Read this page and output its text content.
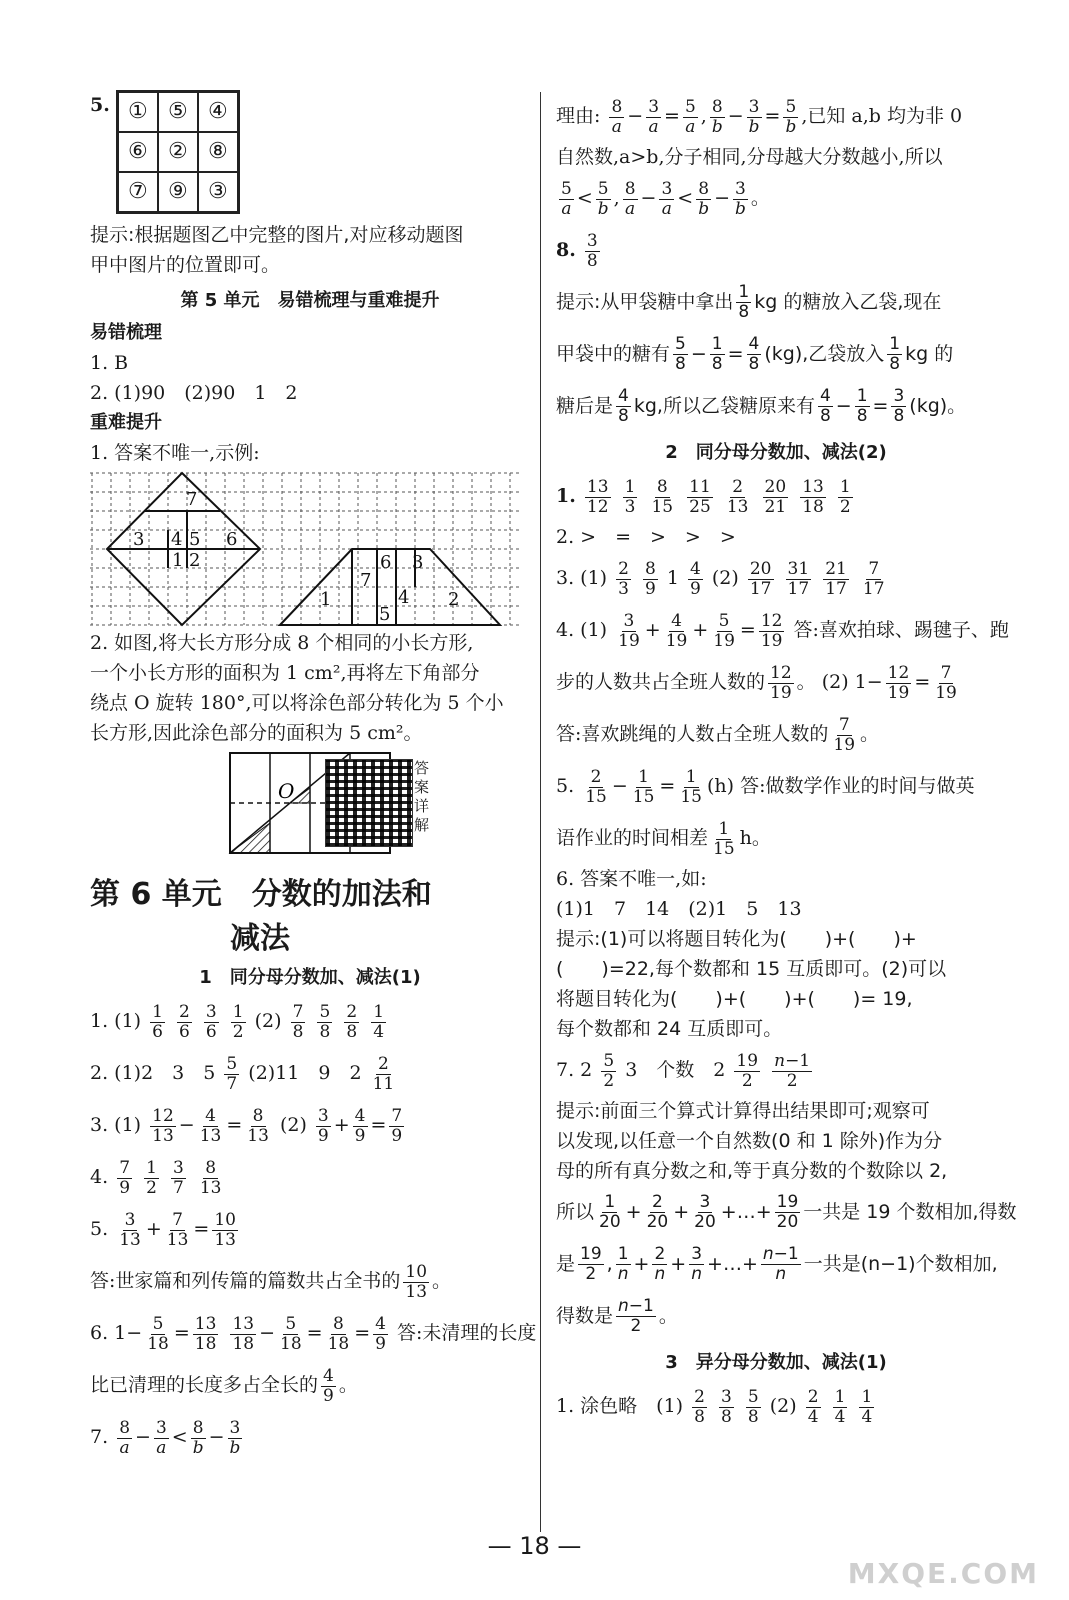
5. ① ⑤ ④
⑥ ② ⑧
⑦ ⑨ ③
提示:根据题图乙中完整的图片,对应移动题图
甲中图片的位置即可。
第 5 单元　易错梳理与重难提升
易错梳理
1. B
2. (1)90　(2)90　1　2
重难提升
1. 答案不唯一,示例:
7
3 4 5 6
1 2	6 3
7
4
1	2
5
2. 如图,将大长方形分成 8 个相同的小长方形,
一个小长方形的面积为 1 cm²,再将左下角部分
绕点 O 旋转 180°,可以将涂色部分转化为 5 个小
长方形,因此涂色部分的面积为 5 cm²。
O
第 6 单元　分数的加法和
减法
1　同分母分数加、减法(1)
1. $(1) \frac{1}{6}$
$\frac{2}{6}$
$\frac{3}{6}$
$\frac{1}{2} (2) \frac{7}{8}$
$\frac{5}{8}$
$\frac{2}{8}$
$\frac{1}{4}$
2. (1)2　3　$5 \frac{5}{7} (2)11$　9　$2 \frac{2}{11}$
3. $(1) \frac{12}{13} - \frac{4}{13} = \frac{8}{13} (2) \frac{3}{9} + \frac{4}{9} = \frac{7}{9}$
4. $\frac{7}{9}$
$\frac{1}{2}$
$\frac{3}{7}$
$\frac{8}{13}$
5. $\frac{3}{13} + \frac{7}{13} = \frac{10}{13}$
答:世家篇和列传篇的篇数共占全书的 $\frac{10}{13}$ 。
6. $1- \frac{5}{18} = \frac{13}{18}$
$\frac{13}{18} - \frac{5}{18} = \frac{8}{18} = \frac{4}{9}$ 答:未清理的长度
比已清理的长度多占全长的 $\frac{4}{9}$ 。
7. $\frac{8}{a} - \frac{3}{a} < \frac{8}{b} - \frac{3}{b}$
答案详解
理由: $\frac{8}{a} - \frac{3}{a} = \frac{5}{a}$ , $\frac{8}{b} - \frac{3}{b} = \frac{5}{b}$ ,已知 a,b 均为非 0
自然数,a>b,分子相同,分母越大分数越小,所以
$\frac{5}{a} < \frac{5}{b}$ , $\frac{8}{a} - \frac{3}{a} < \frac{8}{b} - \frac{3}{b}$ 。
8. $\frac{3}{8}$
提示:从甲袋糖中拿出 $\frac{1}{8}$ kg 的糖放入乙袋,现在
甲袋中的糖有 $\frac{5}{8} - \frac{1}{8} = \frac{4}{8} (kg)$,乙袋放入 $\frac{1}{8}$ kg 的
糖后是 $\frac{4}{8}$ kg,所以乙袋糖原来有 $\frac{4}{8} - \frac{1}{8} = \frac{3}{8} (kg)$。
2　同分母分数加、减法(2)
1. $\frac{13}{12}$
$\frac{1}{3}$
$\frac{8}{15}$
$\frac{11}{25}$
$\frac{2}{13}$
$\frac{20}{21}$
$\frac{13}{18}$
$\frac{1}{2}$
2. >　=　>　>　>
3. $(1) \frac{2}{3}$
$\frac{8}{9} 1 \frac{4}{9} (2) \frac{20}{17}$
$\frac{31}{17}$
$\frac{21}{17}$
$\frac{7}{17}$
4. $(1) \frac{3}{19} + \frac{4}{19} + \frac{5}{19} = \frac{12}{19}$ 答:喜欢拍球、踢毽子、跑
步的人数共占全班人数的 $\frac{12}{19}$ 。 (2) $1- \frac{12}{19} = \frac{7}{19}$
答:喜欢跳绳的人数占全班人数的 $\frac{7}{19}$ 。
5. $\frac{2}{15} - \frac{1}{15} = \frac{1}{15} (h)$ 答:做数学作业的时间与做英
语作业的时间相差 $\frac{1}{15}$ h。
6. 答案不唯一,如:
(1)1　7　14　(2)1　5　13
提示:(1)可以将题目转化为(　　)+(　　)+
(　　)=22,每个数都和 15 互质即可。(2)可以
将题目转化为(　　)+(　　)+(　　)= 19,
每个数都和 24 互质即可。
7. $2 \frac{5}{2} 3$　个数　$2 \frac{19}{2}$
$\frac{n-1}{2}$
提示:前面三个算式计算得出结果即可;观察可
以发现,以任意一个自然数(0 和 1 除外)作为分
母的所有真分数之和,等于真分数的个数除以 2,
所以 $\frac{1}{20} + \frac{2}{20} + \frac{3}{20}$ +…+ $\frac{19}{20}$ 一共是 19 个数相加,得数
是 $\frac{19}{2}$ , $\frac{1}{n} + \frac{2}{n} + \frac{3}{n}$ +…+ $\frac{n-1}{n}$ 一共是(n−1)个数相加,
得数是 $\frac{n-1}{2}$ 。
3　异分母分数加、减法(1)
1. 涂色略　$(1) \frac{2}{8}$
$\frac{3}{8}$
$\frac{5}{8} (2) \frac{2}{4}$
$\frac{1}{4}$
$\frac{1}{4}$
— 18 —
MXQE.COM
